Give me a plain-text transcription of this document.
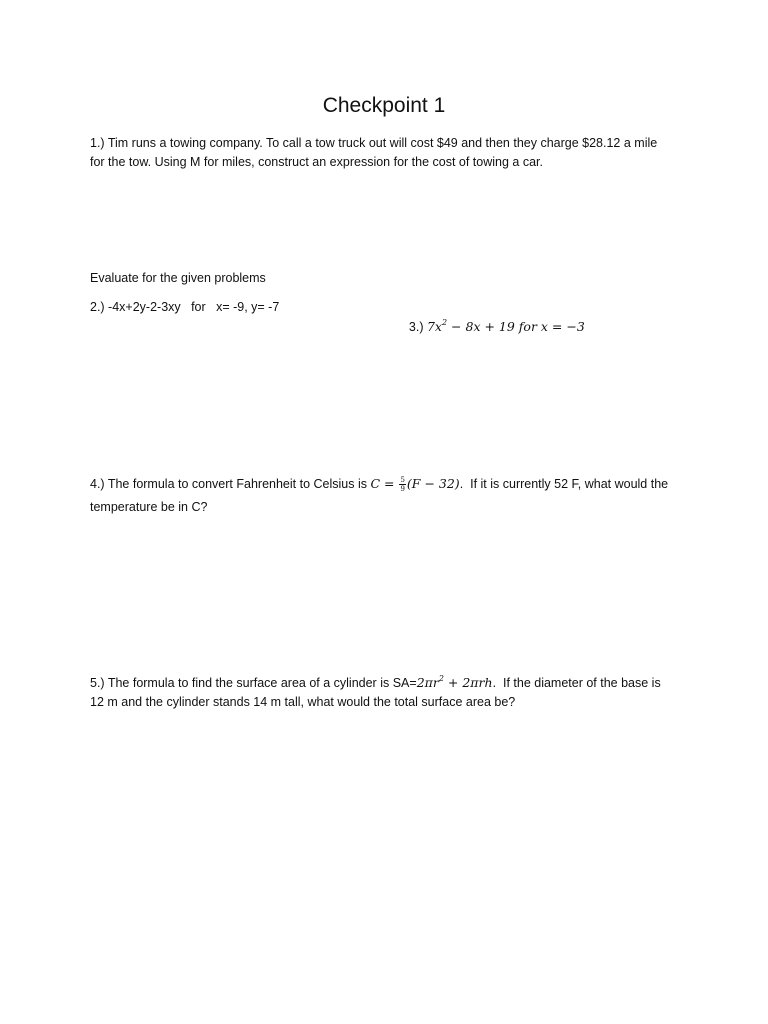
Checkpoint 1
1.) Tim runs a towing company. To call a tow truck out will cost $49 and then they charge $28.12 a mile
for the tow. Using M for miles, construct an expression for the cost of towing a car.
Evaluate for the given problems
2.) -4x+2y-2-3xy   for   x= -9, y= -7

3.) $7x^2 - 8x + 19$ for x = −3

4.) The formula to convert Fahrenheit to Celsius is $C = \frac{5}{9} (F - 32)$.  If it is currently 52 F, what would the
temperature be in C?
5.) The formula to find the surface area of a cylinder is $SA=2\pi r^2 + 2\pi rh$.  If the diameter of the base is
12 m and the cylinder stands 14 m tall, what would the total surface area be?
